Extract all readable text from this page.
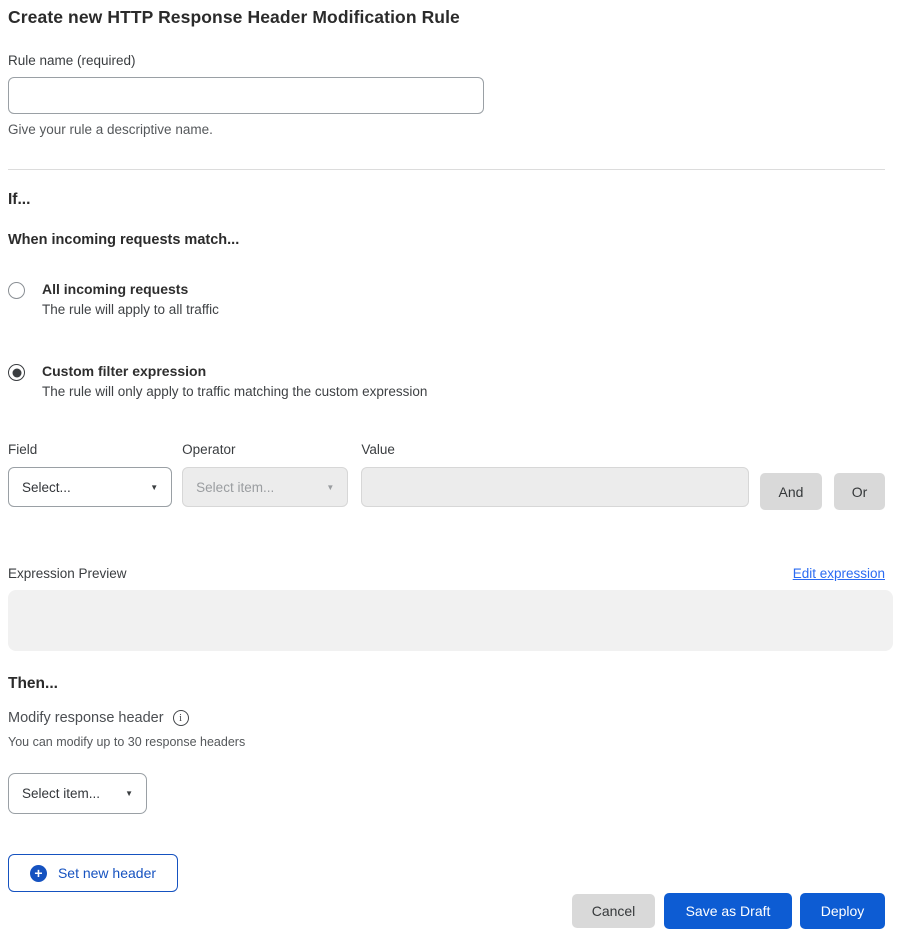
Create new HTTP Response Header Modification Rule
Rule name (required)
Give your rule a descriptive name.
If...
When incoming requests match...
All incoming requests
The rule will apply to all traffic
Custom filter expression
The rule will only apply to traffic matching the custom expression
Field
Select...	▼
Operator
Select item...	▼
Value
And	Or
Expression Preview	Edit expression
Then...
Modify response header	i
You can modify up to 30 response headers
Select item...	▼
+ Set new header
Cancel	Save as Draft	Deploy
